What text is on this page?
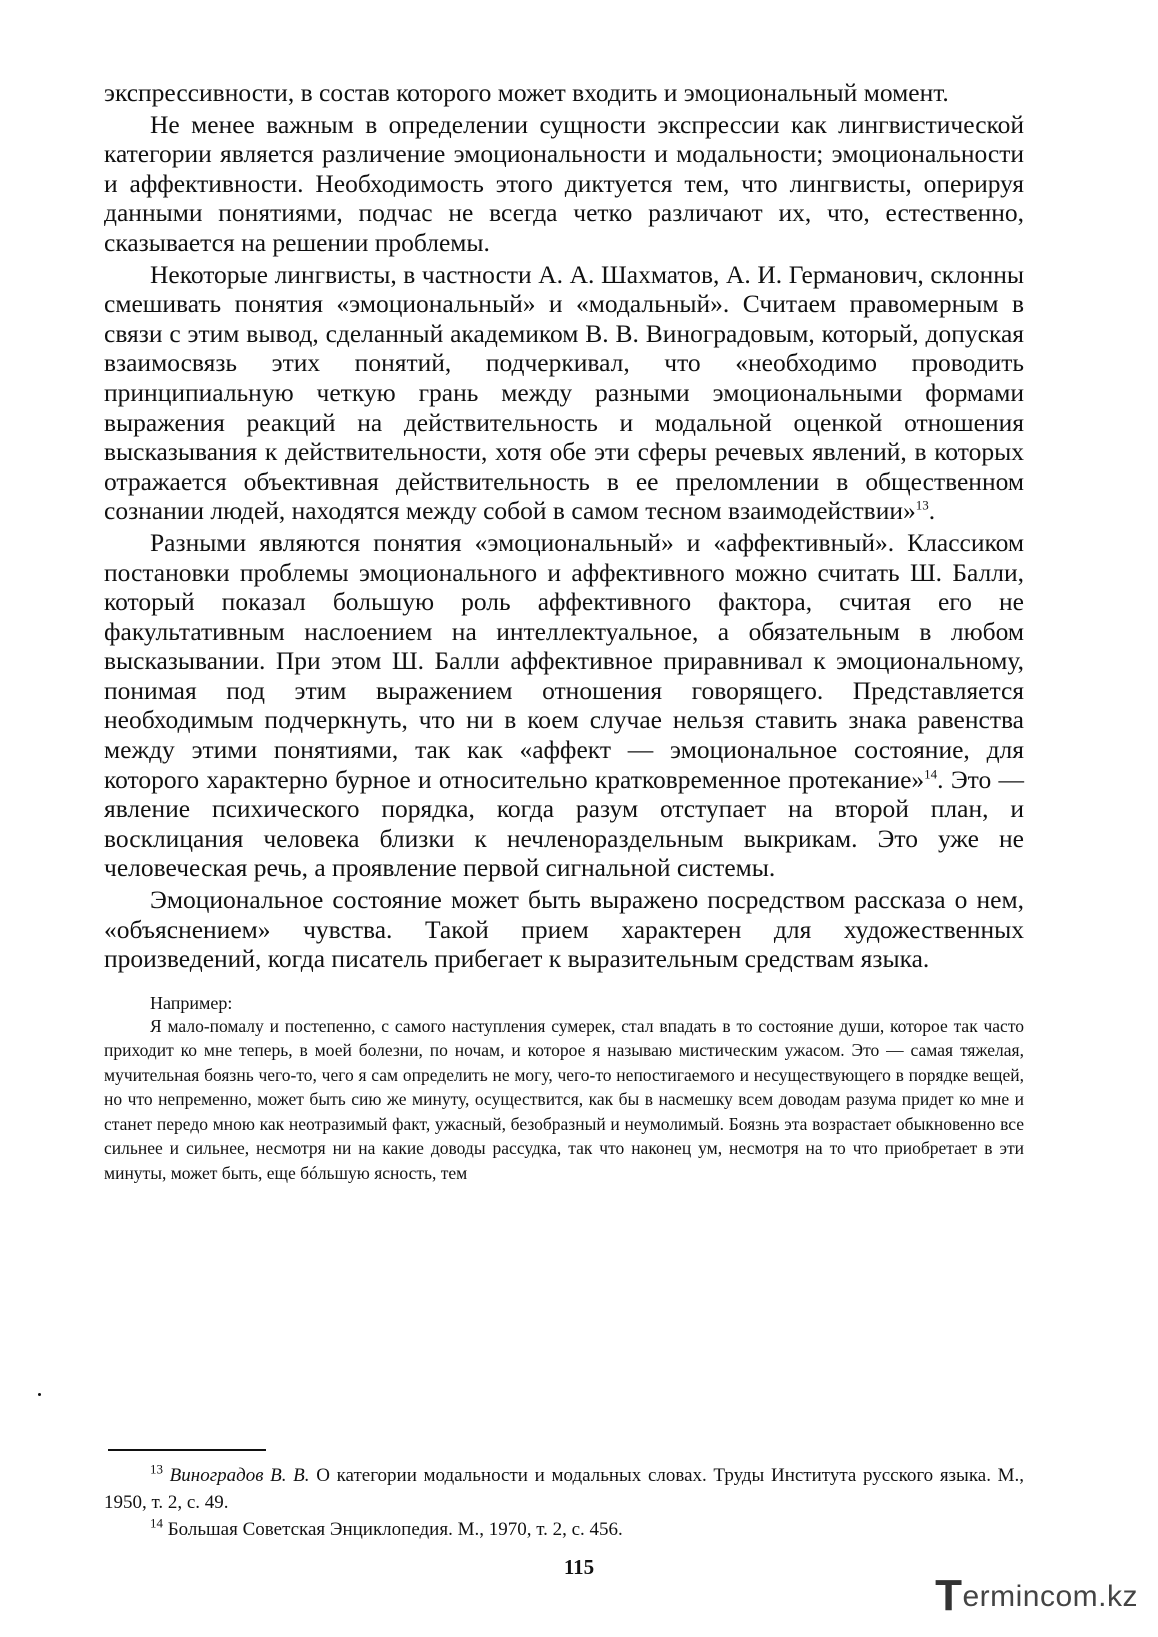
экспрессивности, в состав которого может входить и эмоциональный момент.

Не менее важным в определении сущности экспрессии как лингвистической категории является различение эмоциональности и модальности; эмоциональности и аффективности. Необходимость этого диктуется тем, что лингвисты, оперируя данными понятиями, подчас не всегда четко различают их, что, естественно, сказывается на решении проблемы.

Некоторые лингвисты, в частности А. А. Шахматов, А. И. Германович, склонны смешивать понятия «эмоциональный» и «модальный». Считаем правомерным в связи с этим вывод, сделанный академиком В. В. Виноградовым, который, допуская взаимосвязь этих понятий, подчеркивал, что «необходимо проводить принципиальную четкую грань между разными эмоциональными формами выражения реакций на действительность и модальной оценкой отношения высказывания к действительности, хотя обе эти сферы речевых явлений, в которых отражается объективная действительность в ее преломлении в общественном сознании людей, находятся между собой в самом тесном взаимодействии»$^{13}$.

Разными являются понятия «эмоциональный» и «аффективный». Классиком постановки проблемы эмоционального и аффективного можно считать Ш. Балли, который показал большую роль аффективного фактора, считая его не факультативным наслоением на интеллектуальное, а обязательным в любом высказывании. При этом Ш. Балли аффективное приравнивал к эмоциональному, понимая под этим выражением отношения говорящего. Представляется необходимым подчеркнуть, что ни в коем случае нельзя ставить знака равенства между этими понятиями, так как «аффект — эмоциональное состояние, для которого характерно бурное и относительно кратковременное протекание»$^{14}$. Это — явление психического порядка, когда разум отступает на второй план, и восклицания человека близки к нечленораздельным выкрикам. Это уже не человеческая речь, а проявление первой сигнальной системы.

Эмоциональное состояние может быть выражено посредством рассказа о нем, «объяснением» чувства. Такой прием характерен для художественных произведений, когда писатель прибегает к выразительным средствам языка.

Например:

Я мало-помалу и постепенно, с самого наступления сумерек, стал впадать в то состояние души, которое так часто приходит ко мне теперь, в моей болезни, по ночам, и которое я называю мистическим ужасом. Это — самая тяжелая, мучительная боязнь чего-то, чего я сам определить не могу, чего-то непостигаемого и несуществующего в порядке вещей, но что непременно, может быть сию же минуту, осуществится, как бы в насмешку всем доводам разума придет ко мне и станет передо мною как неотразимый факт, ужасный, безобразный и неумолимый. Боязнь эта возрастает обыкновенно все сильнее и сильнее, несмотря ни на какие доводы рассудка, так что наконец ум, несмотря на то что приобретает в эти минуты, может быть, еще бóльшую ясность, тем

$^{13}$ Виноградов В. В. О категории модальности и модальных словах. Труды Института русского языка. М., 1950, т. 2, с. 49.

$^{14}$ Большая Советская Энциклопедия. М., 1970, т. 2, с. 456.

115
Termincom.kz
